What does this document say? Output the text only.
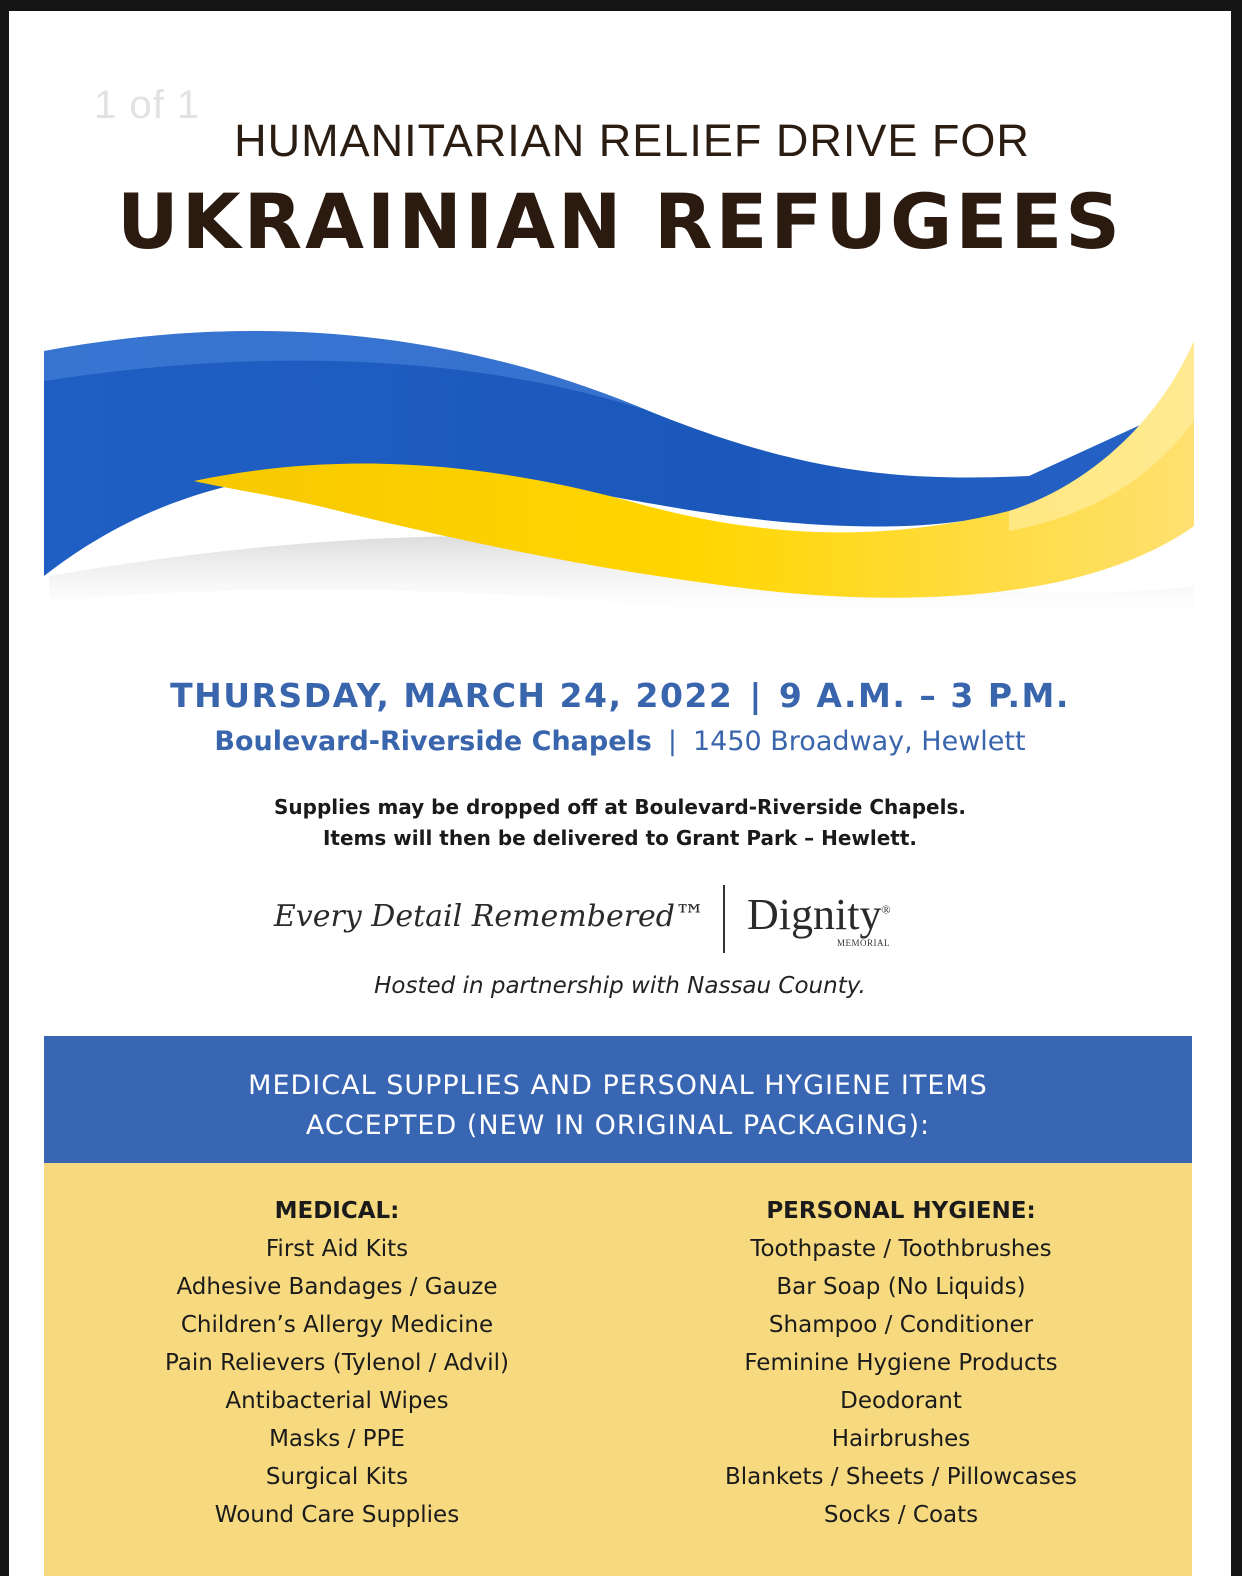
1 of 1
HUMANITARIAN RELIEF DRIVE FOR
UKRAINIAN REFUGEES
THURSDAY, MARCH 24, 2022 | 9 A.M. – 3 P.M.
Boulevard-Riverside Chapels | 1450 Broadway, Hewlett
Supplies may be dropped off at Boulevard-Riverside Chapels.
Items will then be delivered to Grant Park – Hewlett.
Every Detail Remembered™ Dignity®
MEMORIAL
Hosted in partnership with Nassau County.
MEDICAL SUPPLIES AND PERSONAL HYGIENE ITEMS
ACCEPTED (NEW IN ORIGINAL PACKAGING):
MEDICAL:
First Aid Kits
Adhesive Bandages / Gauze
Children’s Allergy Medicine
Pain Relievers (Tylenol / Advil)
Antibacterial Wipes
Masks / PPE
Surgical Kits
Wound Care Supplies
PERSONAL HYGIENE:
Toothpaste / Toothbrushes
Bar Soap (No Liquids)
Shampoo / Conditioner
Feminine Hygiene Products
Deodorant
Hairbrushes
Blankets / Sheets / Pillowcases
Socks / Coats
